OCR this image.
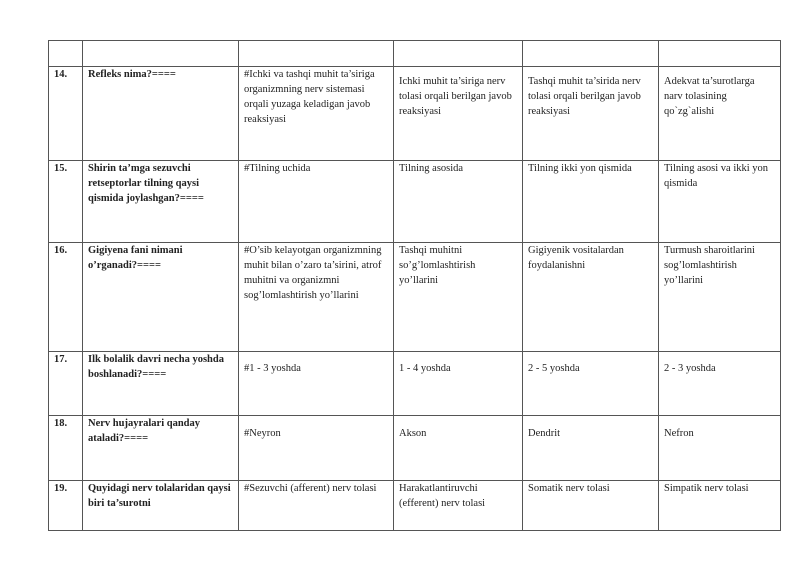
14.	Refleks nima?====	#Ichki va tashqi muhit ta’siriga organizmning nerv sistemasi orqali yuzaga keladigan javob reaksiyasi	Ichki muhit ta’siriga nerv tolasi orqali berilgan javob reaksiyasi	Tashqi muhit ta’sirida nerv tolasi orqali berilgan javob reaksiyasi	Adekvat ta’surotlarga narv tolasining qo`zg`alishi
15.	Shirin ta’mga sezuvchi retseptorlar tilning qaysi qismida joylashgan?====	#Tilning uchida	Tilning asosida	Tilning ikki yon qismida	Tilning asosi va ikki yon qismida
16.	Gigiyena fani nimani o’rganadi?====	#O’sib kelayotgan organizmning muhit bilan o’zaro ta’sirini, atrof muhitni va organizmni sog’lomlashtirish yo’llarini	Tashqi muhitni so’g’lomlashtirish yo’llarini	Gigiyenik vositalardan foydalanishni	Turmush sharoitlarini sog’lomlashtirish yo’llarini
17.	Ilk bolalik davri necha yoshda boshlanadi?====	#1 - 3 yoshda	1 - 4 yoshda	2 - 5 yoshda	2 - 3 yoshda
18.	Nerv hujayralari qanday ataladi?====	#Neyron	Akson	Dendrit	Nefron
19.	Quyidagi nerv tolalaridan qaysi biri ta’surotni	#Sezuvchi (afferent) nerv tolasi	Harakatlantiruvchi (efferent) nerv tolasi	Somatik nerv tolasi	Simpatik nerv tolasi
